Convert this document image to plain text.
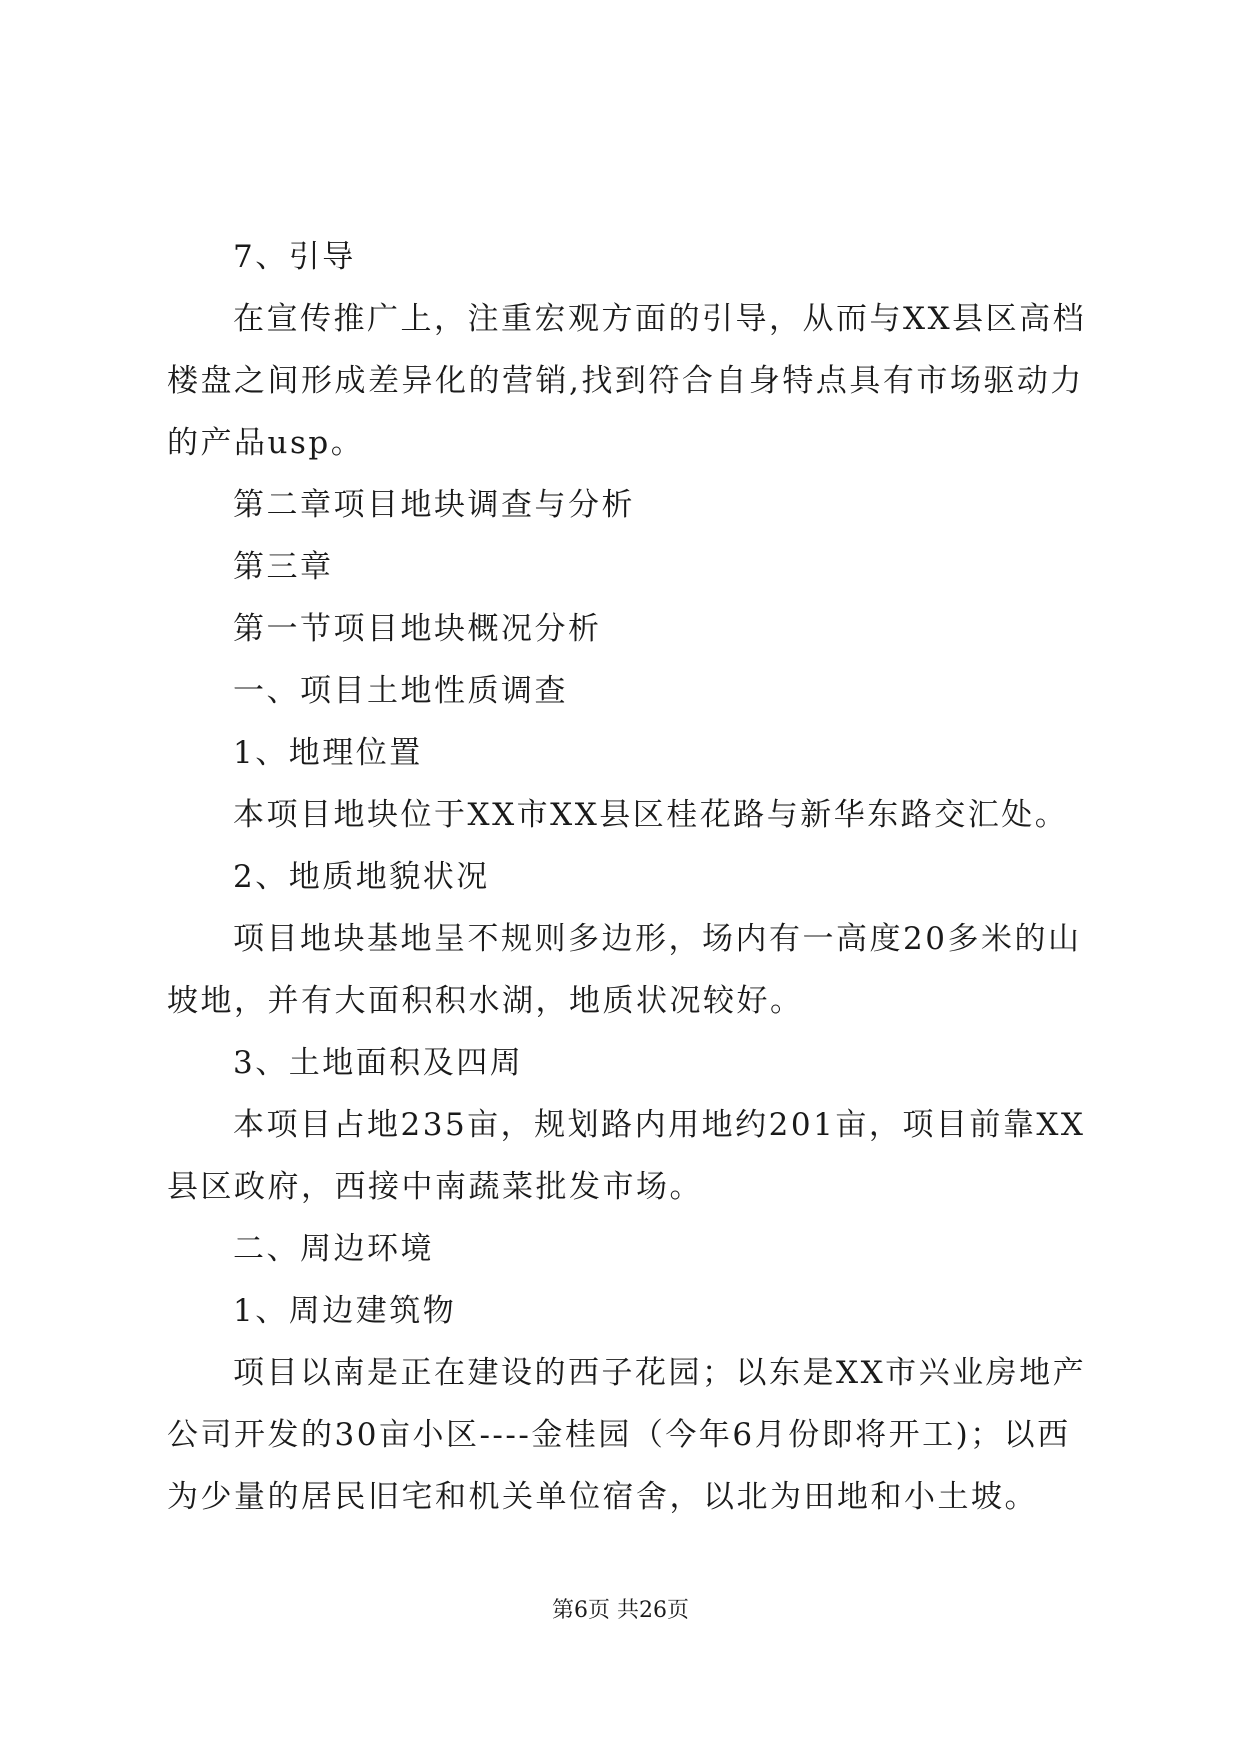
7、引导

在宣传推广上，注重宏观方面的引导，从而与XX县区高档楼盘之间形成差异化的营销,找到符合自身特点具有市场驱动力的产品usp。

第二章项目地块调查与分析

第三章

第一节项目地块概况分析

一、项目土地性质调查

1、地理位置

本项目地块位于XX市XX县区桂花路与新华东路交汇处。

2、地质地貌状况

项目地块基地呈不规则多边形，场内有一高度20多米的山坡地，并有大面积积水湖，地质状况较好。

3、土地面积及四周

本项目占地235亩，规划路内用地约201亩，项目前靠XX县区政府，西接中南蔬菜批发市场。

二、周边环境

1、周边建筑物

项目以南是正在建设的西子花园；以东是XX市兴业房地产公司开发的30亩小区----金桂园（今年6月份即将开工)；以西为少量的居民旧宅和机关单位宿舍，以北为田地和小土坡。

第6页 共26页
